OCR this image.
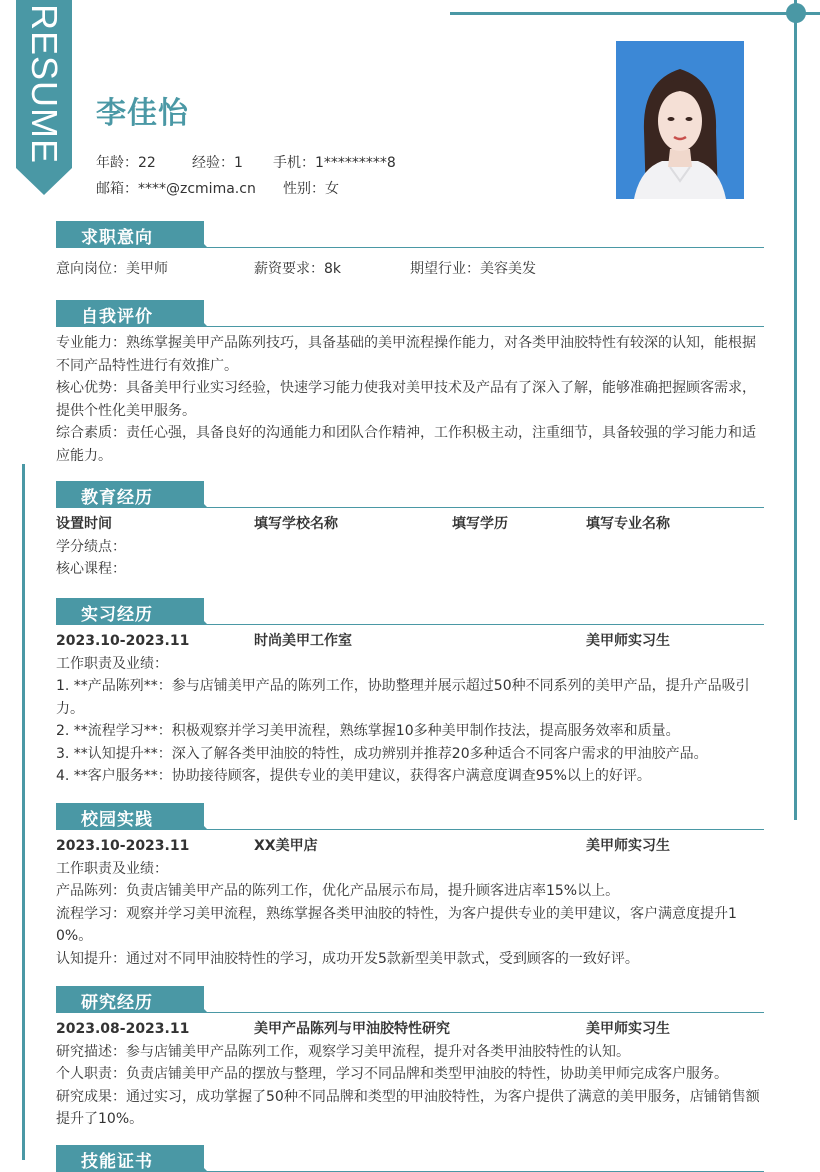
RESUME 李佳怡
年龄：22	经验：1 手机：1*********8
邮箱：****@zcmima.cn 性别：女
求职意向
意向岗位：美甲师	薪资要求：8k	期望行业：美容美发
自我评价
专业能力：熟练掌握美甲产品陈列技巧，具备基础的美甲流程操作能力，对各类甲油胶特性有较深的认知，能根据
不同产品特性进行有效推广。
核心优势：具备美甲行业实习经验，快速学习能力使我对美甲技术及产品有了深入了解，能够准确把握顾客需求，
提供个性化美甲服务。
综合素质：责任心强，具备良好的沟通能力和团队合作精神，工作积极主动，注重细节，具备较强的学习能力和适
应能力。
教育经历
设置时间	填写学校名称	填写学历	填写专业名称
学分绩点：
核心课程：
实习经历
2023.10-2023.11	时尚美甲工作室	美甲师实习生
工作职责及业绩：
1. **产品陈列**：参与店铺美甲产品的陈列工作，协助整理并展示超过50种不同系列的美甲产品，提升产品吸引
力。
2. **流程学习**：积极观察并学习美甲流程，熟练掌握10多种美甲制作技法，提高服务效率和质量。
3. **认知提升**：深入了解各类甲油胶的特性，成功辨别并推荐20多种适合不同客户需求的甲油胶产品。
4. **客户服务**：协助接待顾客，提供专业的美甲建议，获得客户满意度调查95%以上的好评。
校园实践
2023.10-2023.11	XX美甲店	美甲师实习生
工作职责及业绩：
产品陈列：负责店铺美甲产品的陈列工作，优化产品展示布局，提升顾客进店率15%以上。
流程学习：观察并学习美甲流程，熟练掌握各类甲油胶的特性，为客户提供专业的美甲建议，客户满意度提升1
0%。
认知提升：通过对不同甲油胶特性的学习，成功开发5款新型美甲款式，受到顾客的一致好评。
研究经历
2023.08-2023.11	美甲产品陈列与甲油胶特性研究	美甲师实习生
研究描述：参与店铺美甲产品陈列工作，观察学习美甲流程，提升对各类甲油胶特性的认知。
个人职责：负责店铺美甲产品的摆放与整理，学习不同品牌和类型甲油胶的特性，协助美甲师完成客户服务。
研究成果：通过实习，成功掌握了50种不同品牌和类型的甲油胶特性，为客户提供了满意的美甲服务，店铺销售额
提升了10%。
技能证书
